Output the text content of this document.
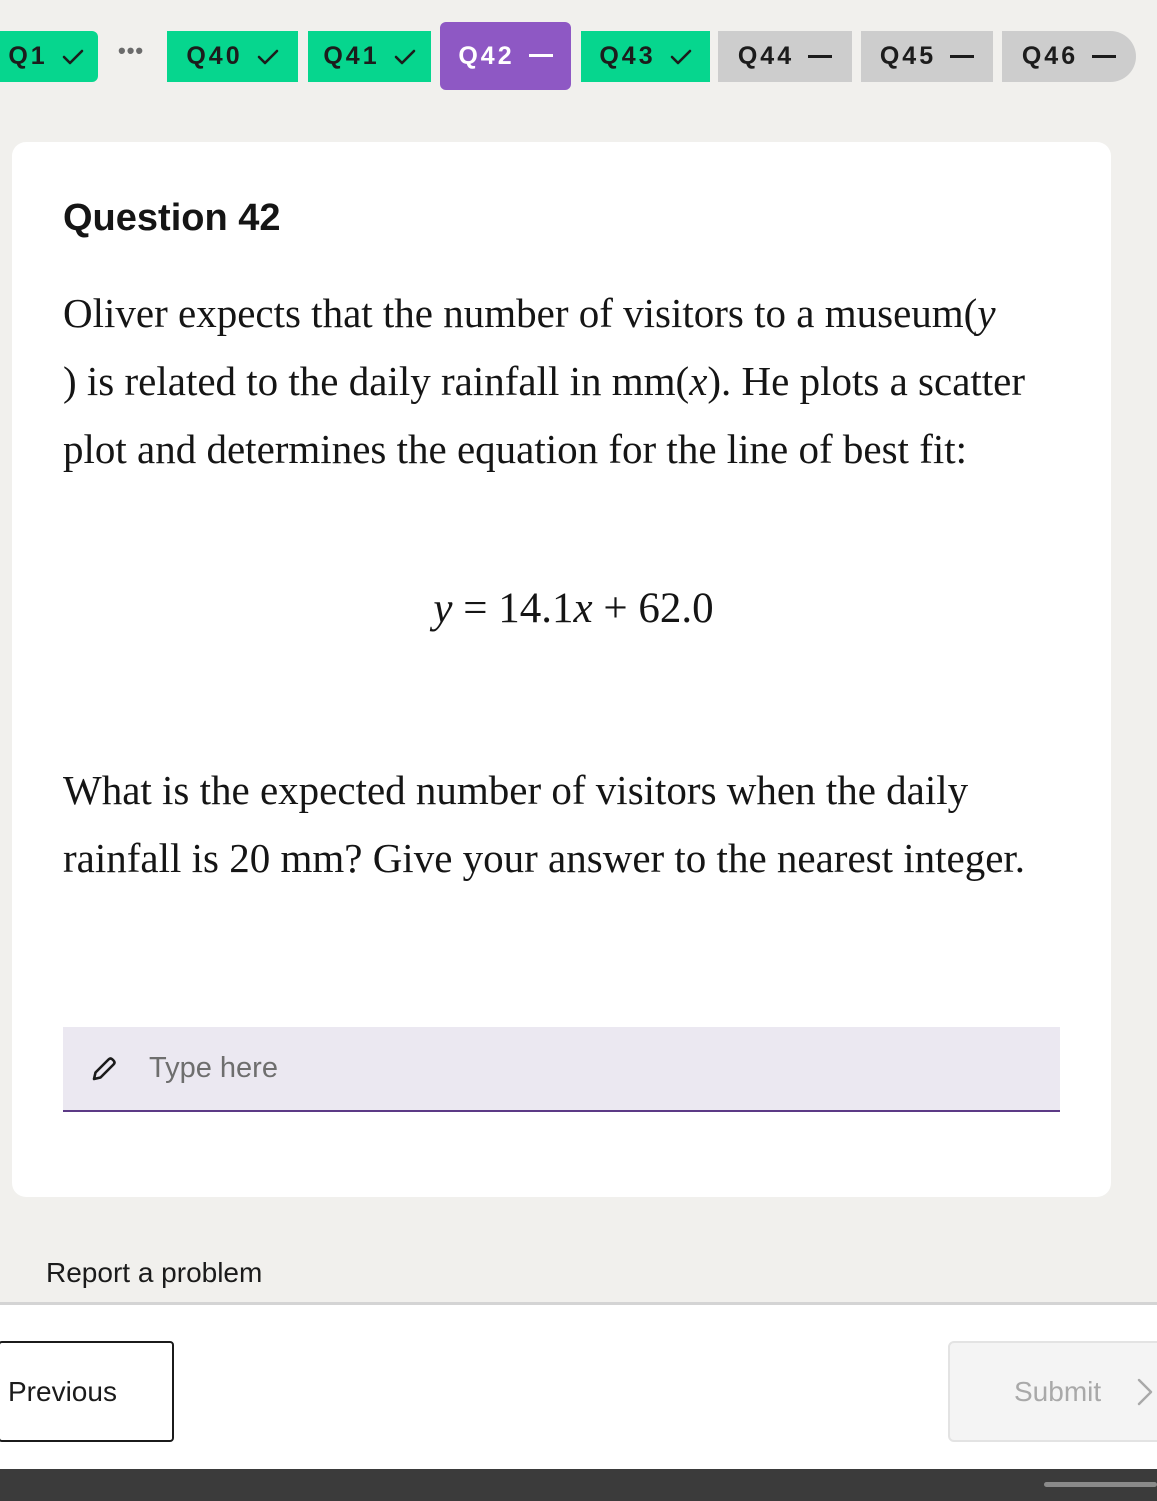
Q1	••• Q40	Q41	Q42	Q43	Q44	Q45	Q46
Question 42

Oliver expects that the number of visitors to a museum(y
) is related to the daily rainfall in mm(x). He plots a scatter plot and determines the equation for the line of best fit:

y = 14.1x + 62.0

What is the expected number of visitors when the daily rainfall is 20 mm? Give your answer to the nearest integer.

Type here
Report a problem
Previous	Submit
